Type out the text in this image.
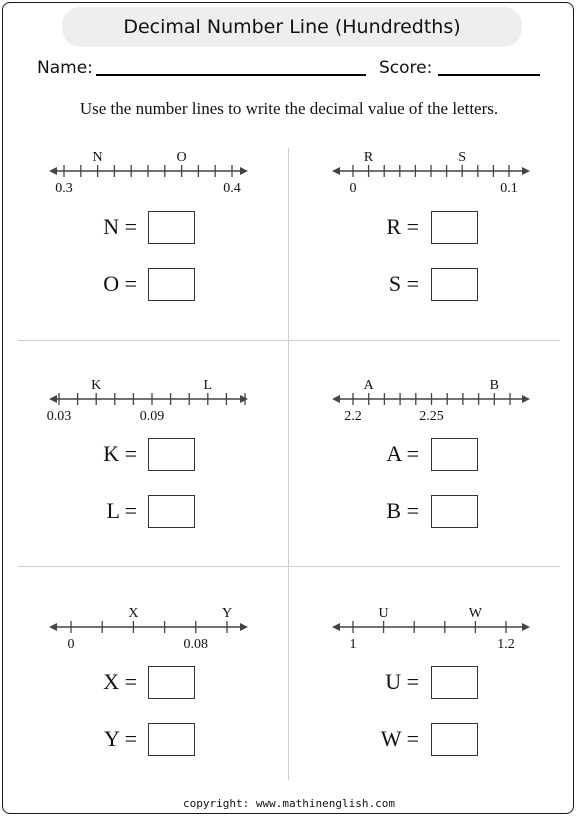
Decimal Number Line (Hundredths)
Name:	Score:
Use the number lines to write the decimal value of the letters.
0.3	0.4
N	O
0	0.1
R	S
0.03	0.09
K	L
2.2	2.25
A	B
0	0.08
X	Y
1	1.2
U	W
N =
O =
R =
S =
K =
L =
A =
B =
X =
Y =
U =
W =
copyright: www.mathinenglish.com
